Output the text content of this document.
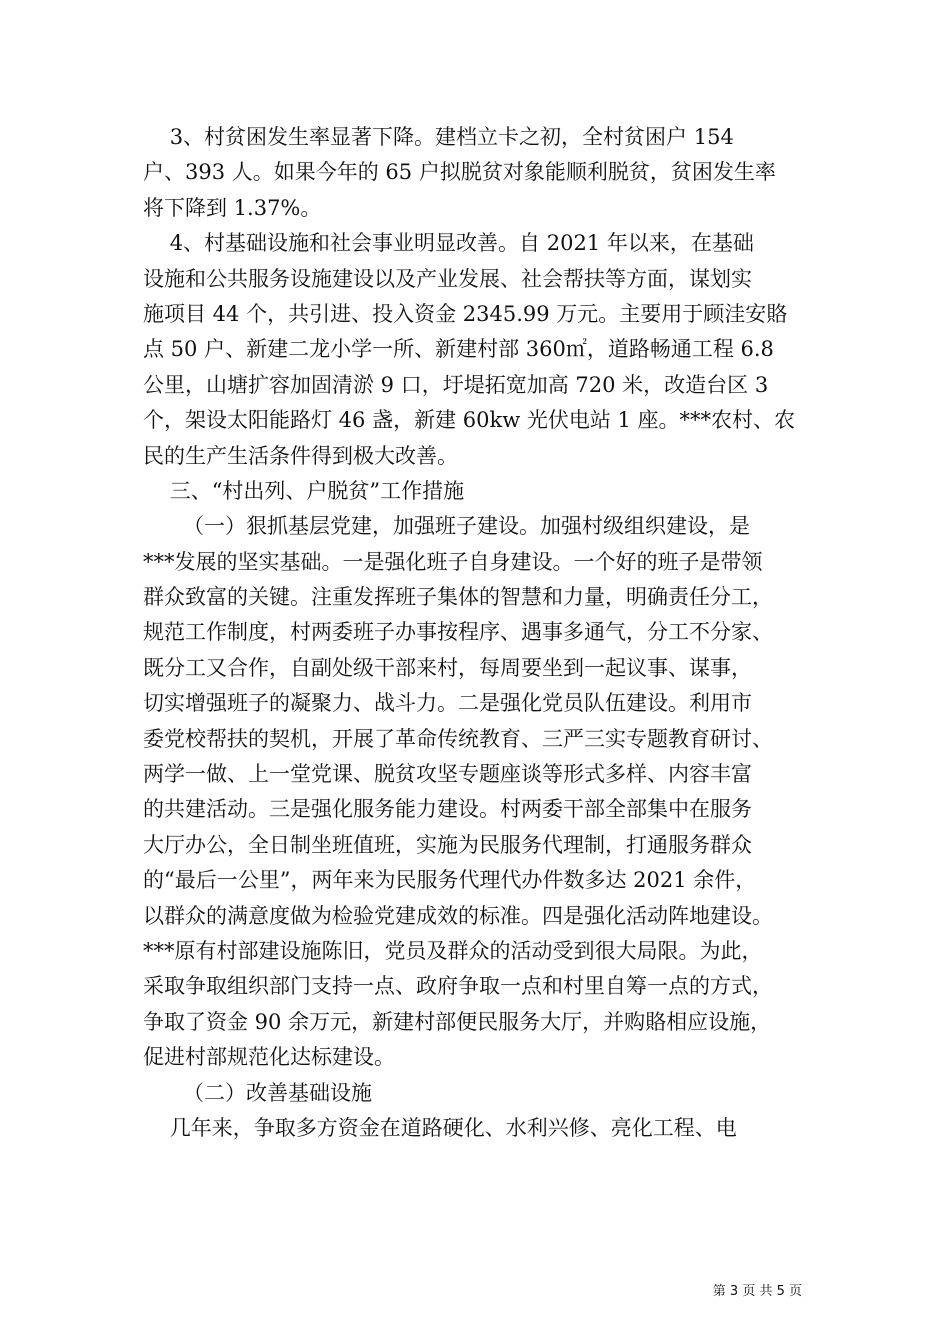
3、村贫困发生率显著下降。建档立卡之初，全村贫困户 154
户、393 人。如果今年的 65 户拟脱贫对象能顺利脱贫，贫困发生率
将下降到 1.37%。
4、村基础设施和社会事业明显改善。自 2021 年以来，在基础
设施和公共服务设施建设以及产业发展、社会帮扶等方面，谋划实
施项目 44 个，共引进、投入资金 2345.99 万元。主要用于顾洼安賂
点 50 户、新建二龙小学一所、新建村部 360㎡，道路畅通工程 6.8
公里，山塘扩容加固清淤 9 口，圩堤拓宽加高 720 米，改造台区 3
个，架设太阳能路灯 46 盏，新建 60kw 光伏电站 1 座。***农村、农
民的生产生活条件得到极大改善。
三、“村出列、户脱贫”工作措施
（一）狠抓基层党建，加强班子建设。加强村级组织建设，是
***发展的坚实基础。一是强化班子自身建设。一个好的班子是带领
群众致富的关键。注重发挥班子集体的智慧和力量，明确责任分工，
规范工作制度，村两委班子办事按程序、遇事多通气，分工不分家、
既分工又合作，自副处级干部来村，每周要坐到一起议事、谋事，
切实增强班子的凝聚力、战斗力。二是强化党员队伍建设。利用市
委党校帮扶的契机，开展了革命传统教育、三严三实专题教育研讨、
两学一做、上一堂党课、脱贫攻坚专题座谈等形式多样、内容丰富
的共建活动。三是强化服务能力建设。村两委干部全部集中在服务
大厅办公，全日制坐班值班，实施为民服务代理制，打通服务群众
的“最后一公里”，两年来为民服务代理代办件数多达 2021 余件，
以群众的满意度做为检验党建成效的标准。四是强化活动阵地建设。
***原有村部建设施陈旧，党员及群众的活动受到很大局限。为此，
采取争取组织部门支持一点、政府争取一点和村里自筹一点的方式，
争取了资金 90 余万元，新建村部便民服务大厅，并购賂相应设施，
促进村部规范化达标建设。
（二）改善基础设施
几年来，争取多方资金在道路硬化、水利兴修、亮化工程、电
第 3 页 共 5 页
